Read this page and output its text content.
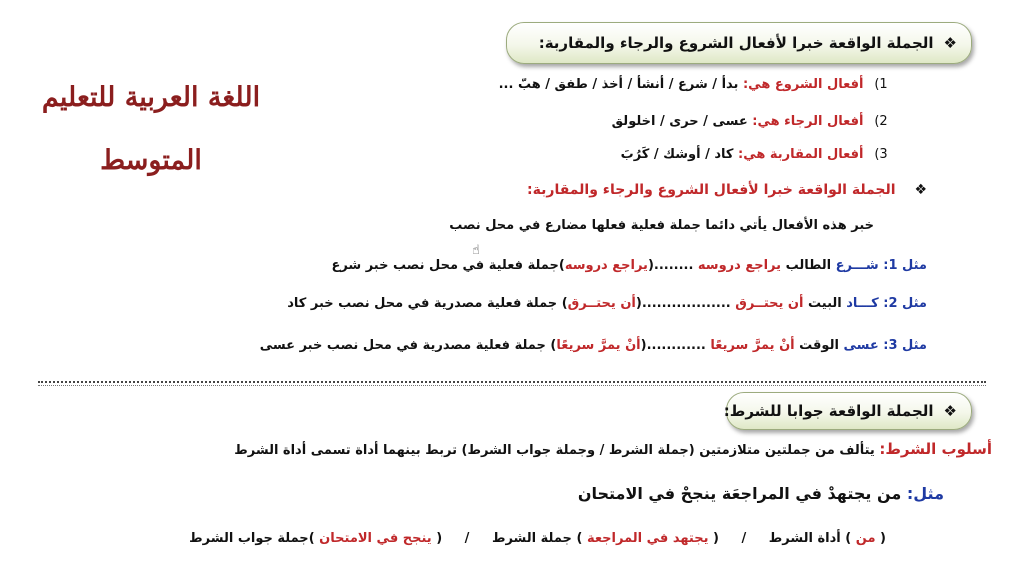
اللغة العربية للتعليم
المتوسط
❖
الجملة الواقعة خبرا لأفعال الشروع والرجاء والمقاربة:
1) أفعال الشروع هي: بدأ / شرع / أنشأ / أخذ / طفق / هبّ ...
2) أفعال الرجاء هي: عسى / حرى / اخلولق
3) أفعال المقاربة هي: كاد / أوشك / كَرُبَ
❖ الجملة الواقعة خبرا لأفعال الشروع والرجاء والمقاربة:
خبر هذه الأفعال يأتي دائما جملة فعلية فعلها مضارع في محل نصب
☝
مثل 1: شـــرع الطالب يراجع دروسه ........(يراجع دروسه)جملة فعلية في محل نصب خبر شرع
مثل 2: كـــاد البيت أن يحتــرق ..................(أن يحتــرق) جملة فعلية مصدرية في محل نصب خبر كاد
مثل 3: عسى الوقت أنْ يمرَّ سريعًا ............(أنْ يمرَّ سريعًا) جملة فعلية مصدرية في محل نصب خبر عسى
❖
الجملة الواقعة جوابا للشرط:
أسلوب الشرط: يتألف من جملتين متلازمتين (جملة الشرط / وجملة جواب الشرط) تربط بينهما أداة تسمى أداة الشرط
مثل: من يجتهدْ في المراجعَة ينجحْ في الامتحان
( من ) أداة الشرط / ( يجتهد في المراجعة ) جملة الشرط / ( ينجح في الامتحان )جملة جواب الشرط
